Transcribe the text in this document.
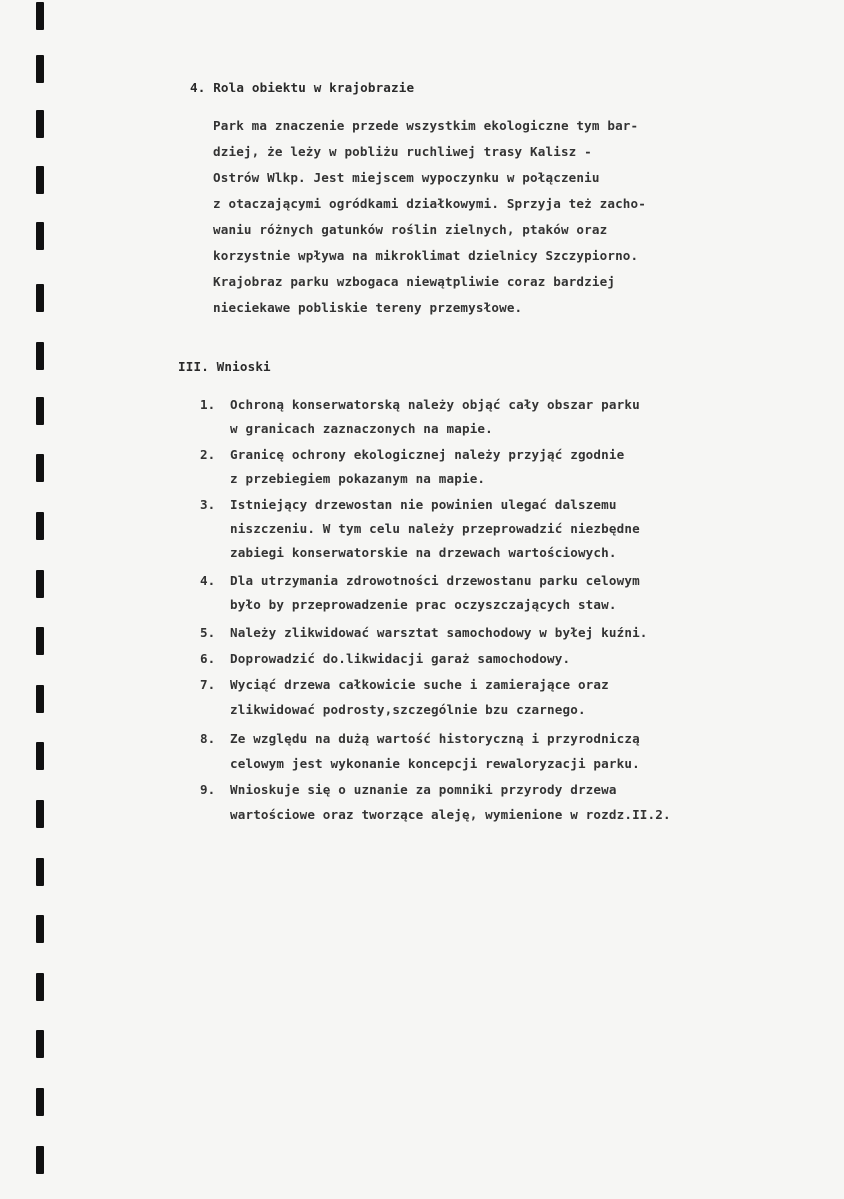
4. Rola obiektu w krajobrazie
Park ma znaczenie przede wszystkim ekologiczne tym bar-
dziej, że leży w pobliżu ruchliwej trasy Kalisz -
Ostrów Wlkp. Jest miejscem wypoczynku w połączeniu
z otaczającymi ogródkami działkowymi. Sprzyja też zacho-
waniu różnych gatunków roślin zielnych, ptaków oraz
korzystnie wpływa na mikroklimat dzielnicy Szczypiorno.
Krajobraz parku wzbogaca niewątpliwie coraz bardziej
nieciekawe pobliskie tereny przemysłowe.
III. Wnioski
1. Ochroną konserwatorską należy objąć cały obszar parku
w granicach zaznaczonych na mapie.
2. Granicę ochrony ekologicznej należy przyjąć zgodnie
z przebiegiem pokazanym na mapie.
3. Istniejący drzewostan nie powinien ulegać dalszemu
niszczeniu. W tym celu należy przeprowadzić niezbędne
zabiegi konserwatorskie na drzewach wartościowych.
4. Dla utrzymania zdrowotności drzewostanu parku celowym
było by przeprowadzenie prac oczyszczających staw.
5. Należy zlikwidować warsztat samochodowy w byłej kuźni.
6. Doprowadzić do.likwidacji garaż samochodowy.
7. Wyciąć drzewa całkowicie suche i zamierające oraz
zlikwidować podrosty,szczególnie bzu czarnego.
8. Ze względu na dużą wartość historyczną i przyrodniczą
celowym jest wykonanie koncepcji rewaloryzacji parku.
9. Wnioskuje się o uznanie za pomniki przyrody drzewa
wartościowe oraz tworzące aleję, wymienione w rozdz.II.2.
